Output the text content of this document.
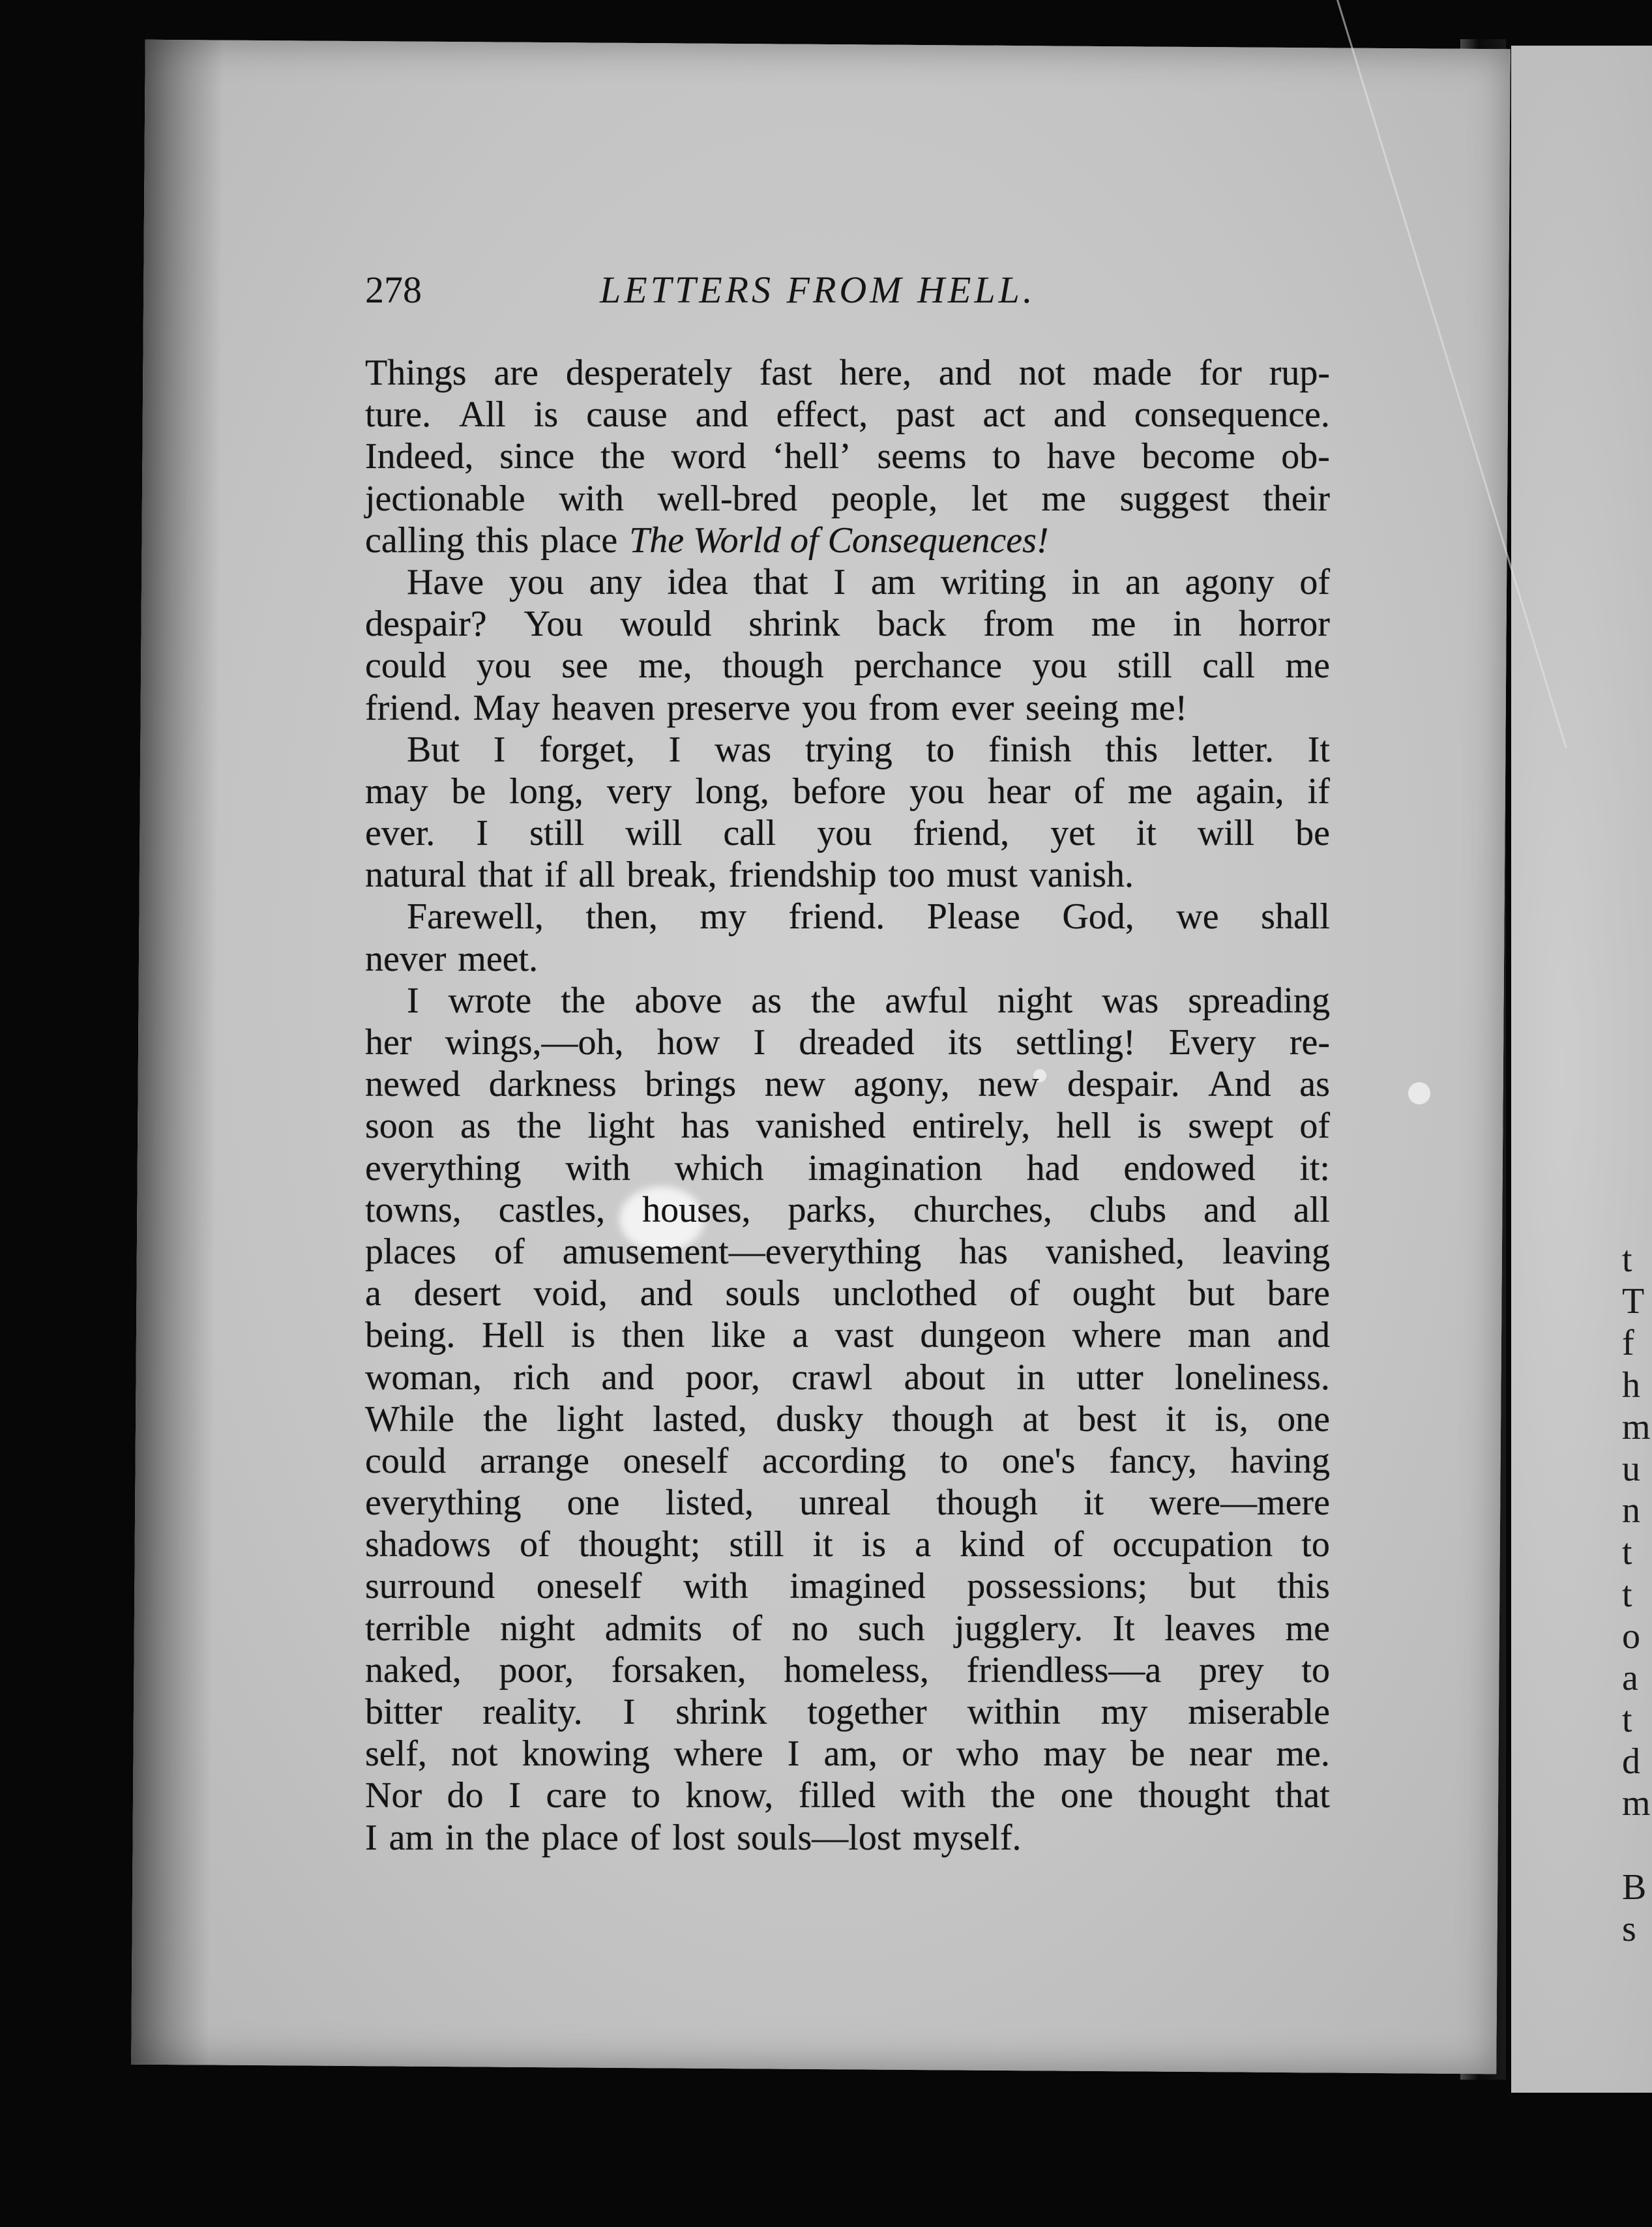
278	LETTERS FROM HELL.
Things are desperately fast here, and not made for rup-
ture. All is cause and effect, past act and consequence.
Indeed, since the word ‘hell’ seems to have become ob-
jectionable with well-bred people, let me suggest their
calling this place The World of Consequences!
Have you any idea that I am writing in an agony of
despair? You would shrink back from me in horror
could you see me, though perchance you still call me
friend. May heaven preserve you from ever seeing me!
But I forget, I was trying to finish this letter. It
may be long, very long, before you hear of me again, if
ever. I still will call you friend, yet it will be
natural that if all break, friendship too must vanish.
Farewell, then, my friend. Please God, we shall
never meet.
I wrote the above as the awful night was spreading
her wings,—oh, how I dreaded its settling! Every re-
newed darkness brings new agony, new despair. And as
soon as the light has vanished entirely, hell is swept of
everything with which imagination had endowed it:
towns, castles, houses, parks, churches, clubs and all
places of amusement—everything has vanished, leaving
a desert void, and souls unclothed of ought but bare
being. Hell is then like a vast dungeon where man and
woman, rich and poor, crawl about in utter loneliness.
While the light lasted, dusky though at best it is, one
could arrange oneself according to one's fancy, having
everything one listed, unreal though it were—mere
shadows of thought; still it is a kind of occupation to
surround oneself with imagined possessions; but this
terrible night admits of no such jugglery. It leaves me
naked, poor, forsaken, homeless, friendless—a prey to
bitter reality. I shrink together within my miserable
self, not knowing where I am, or who may be near me.
Nor do I care to know, filled with the one thought that
I am in the place of lost souls—lost myself.
t
T
f
h
m
u
n
t
t
o
a
t
d
m
B
s
